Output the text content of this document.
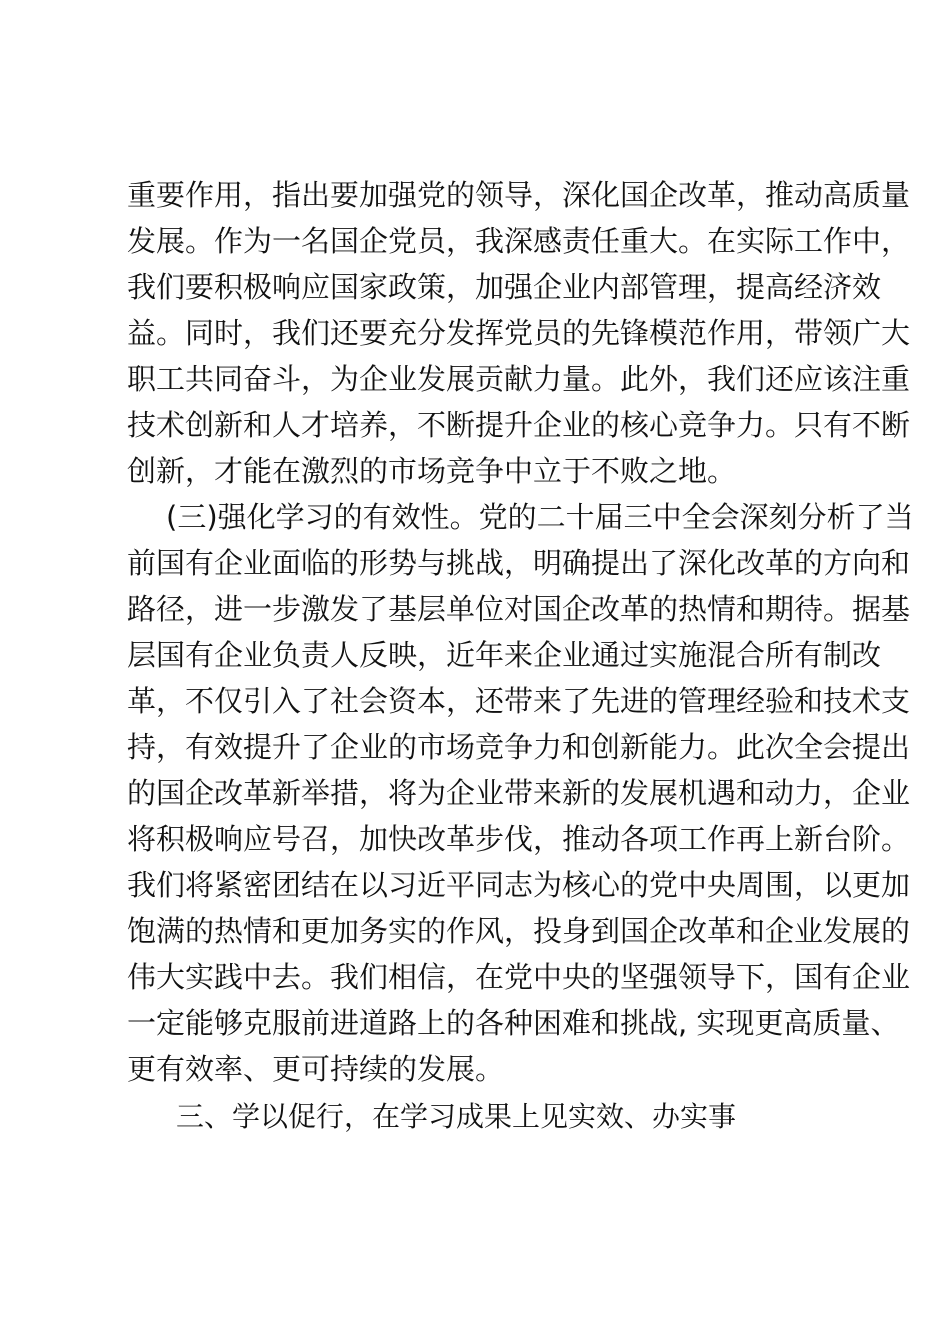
重要作用，指出要加强党的领导，深化国企改革，推动高质量
发展。作为一名国企党员，我深感责任重大。在实际工作中，
我们要积极响应国家政策，加强企业内部管理，提高经济效
益。同时，我们还要充分发挥党员的先锋模范作用，带领广大
职工共同奋斗，为企业发展贡献力量。此外，我们还应该注重
技术创新和人才培养，不断提升企业的核心竞争力。只有不断
创新，才能在激烈的市场竞争中立于不败之地。
(三)强化学习的有效性。党的二十届三中全会深刻分析了当
前国有企业面临的形势与挑战，明确提出了深化改革的方向和
路径，进一步激发了基层单位对国企改革的热情和期待。据基
层国有企业负责人反映，近年来企业通过实施混合所有制改
革，不仅引入了社会资本，还带来了先进的管理经验和技术支
持，有效提升了企业的市场竞争力和创新能力。此次全会提出
的国企改革新举措，将为企业带来新的发展机遇和动力，企业
将积极响应号召，加快改革步伐，推动各项工作再上新台阶。
我们将紧密团结在以习近平同志为核心的党中央周围，以更加
饱满的热情和更加务实的作风，投身到国企改革和企业发展的
伟大实践中去。我们相信，在党中央的坚强领导下，国有企业
一定能够克服前进道路上的各种困难和挑战, 实现更高质量、
更有效率、更可持续的发展。
三、学以促行，在学习成果上见实效、办实事
